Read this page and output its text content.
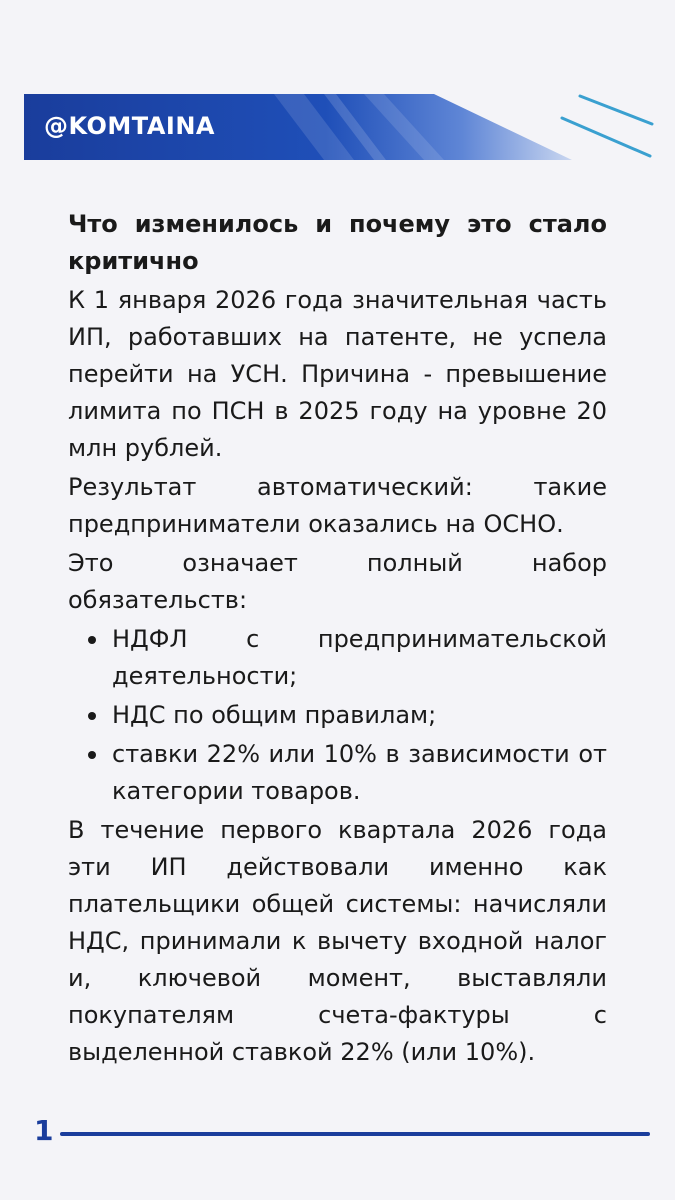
@KOMTAINA

Что изменилось и почему это стало критично

К 1 января 2026 года значительная часть ИП, работавших на патенте, не успела перейти на УСН. Причина - превышение лимита по ПСН в 2025 году на уровне 20 млн рублей.

Результат автоматический: такие предприниматели оказались на ОСНО.

Это означает полный набор обязательств:

НДФЛ с предпринимательской деятельности;
НДС по общим правилам;
ставки 22% или 10% в зависимости от категории товаров.

В течение первого квартала 2026 года эти ИП действовали именно как плательщики общей системы: начисляли НДС, принимали к вычету входной налог и, ключевой момент, выставляли покупателям счета-фактуры с выделенной ставкой 22% (или 10%).

1
